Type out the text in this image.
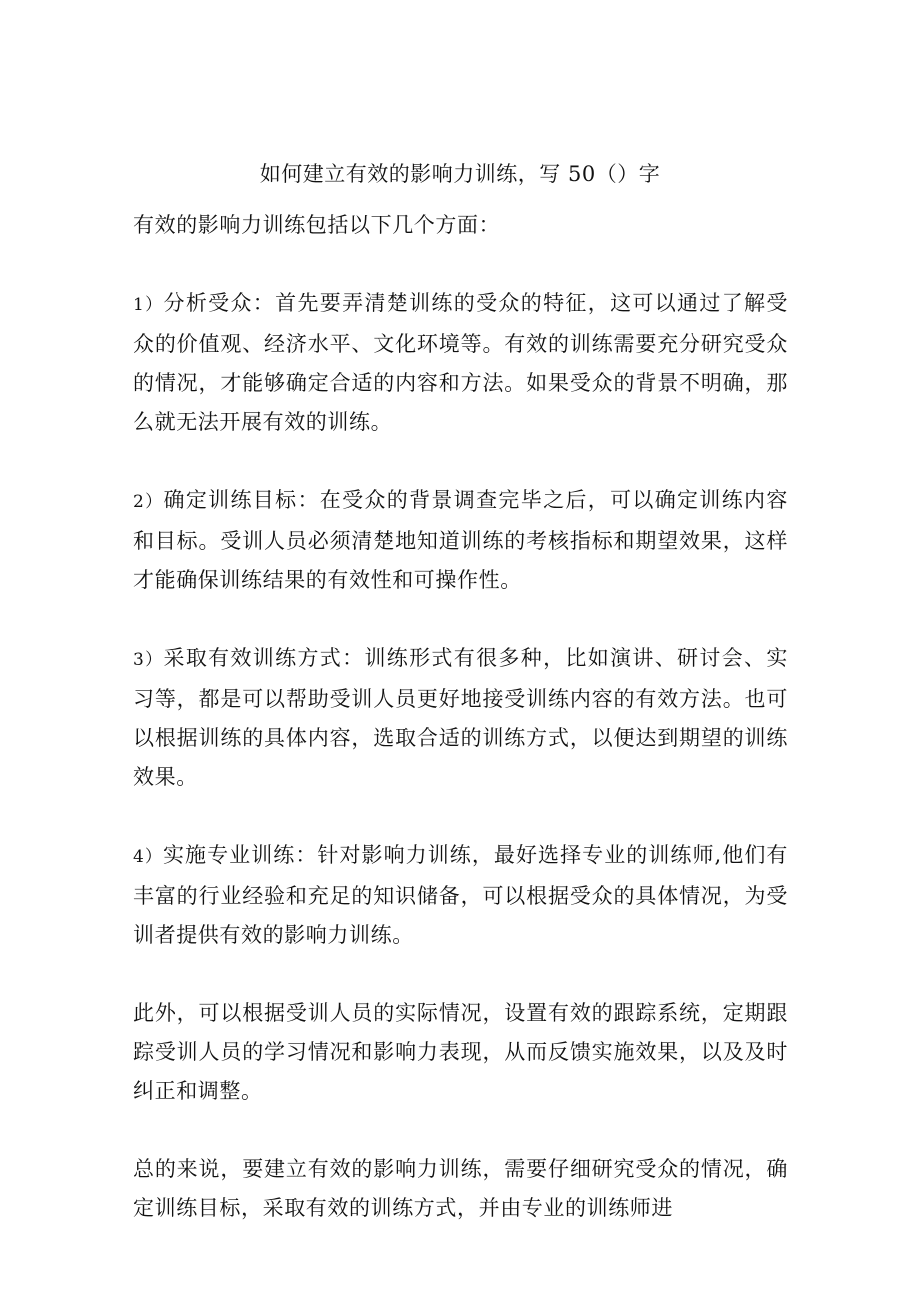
如何建立有效的影响力训练，写 50（）字

有效的影响力训练包括以下几个方面：

1）分析受众：首先要弄清楚训练的受众的特征，这可以通过了解受众的价值观、经济水平、文化环境等。有效的训练需要充分研究受众的情况，才能够确定合适的内容和方法。如果受众的背景不明确，那么就无法开展有效的训练。

2）确定训练目标：在受众的背景调查完毕之后，可以确定训练内容和目标。受训人员必须清楚地知道训练的考核指标和期望效果，这样才能确保训练结果的有效性和可操作性。

3）采取有效训练方式：训练形式有很多种，比如演讲、研讨会、实习等，都是可以帮助受训人员更好地接受训练内容的有效方法。也可以根据训练的具体内容，选取合适的训练方式，以便达到期望的训练效果。

4）实施专业训练：针对影响力训练，最好选择专业的训练师,他们有丰富的行业经验和充足的知识储备，可以根据受众的具体情况，为受训者提供有效的影响力训练。

此外，可以根据受训人员的实际情况，设置有效的跟踪系统，定期跟踪受训人员的学习情况和影响力表现，从而反馈实施效果，以及及时纠正和调整。

总的来说，要建立有效的影响力训练，需要仔细研究受众的情况，确定训练目标，采取有效的训练方式，并由专业的训练师进
